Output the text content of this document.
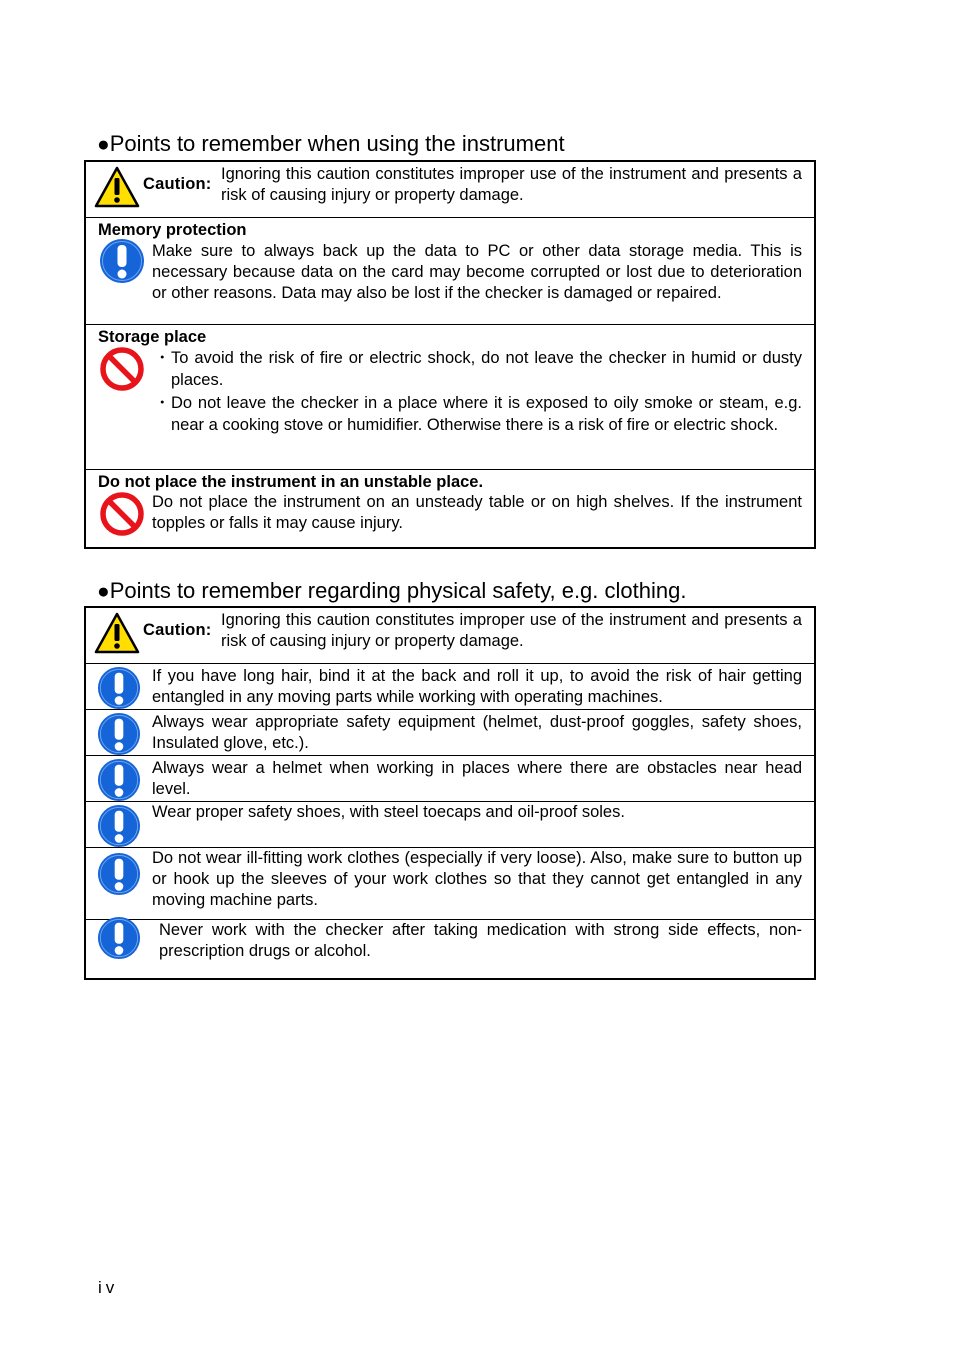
●Points to remember when using the instrument
Caution:
Ignoring this caution constitutes improper use of the instrument and presents a risk of causing injury or property damage.
Memory protection
Make sure to always back up the data to PC or other data storage media. This is necessary because data on the card may become corrupted or lost due to deterioration or other reasons. Data may also be lost if the checker is damaged or repaired.
Storage place
・ To avoid the risk of fire or electric shock, do not leave the checker in humid or dusty places.
・ Do not leave the checker in a place where it is exposed to oily smoke or steam, e.g. near a cooking stove or humidifier. Otherwise there is a risk of fire or electric shock.
Do not place the instrument in an unstable place.
Do not place the instrument on an unsteady table or on high shelves. If the instrument topples or falls it may cause injury.
●Points to remember regarding physical safety, e.g. clothing.
Caution:
Ignoring this caution constitutes improper use of the instrument and presents a risk of causing injury or property damage.
If you have long hair, bind it at the back and roll it up, to avoid the risk of hair getting entangled in any moving parts while working with operating machines.
Always wear appropriate safety equipment (helmet, dust-proof goggles, safety shoes, Insulated glove, etc.).
Always wear a helmet when working in places where there are obstacles near head level.
Wear proper safety shoes, with steel toecaps and oil-proof soles.
Do not wear ill-fitting work clothes (especially if very loose). Also, make sure to button up or hook up the sleeves of your work clothes so that they cannot get entangled in any moving machine parts.
Never work with the checker after taking medication with strong side effects, non-prescription drugs or alcohol.
iv
